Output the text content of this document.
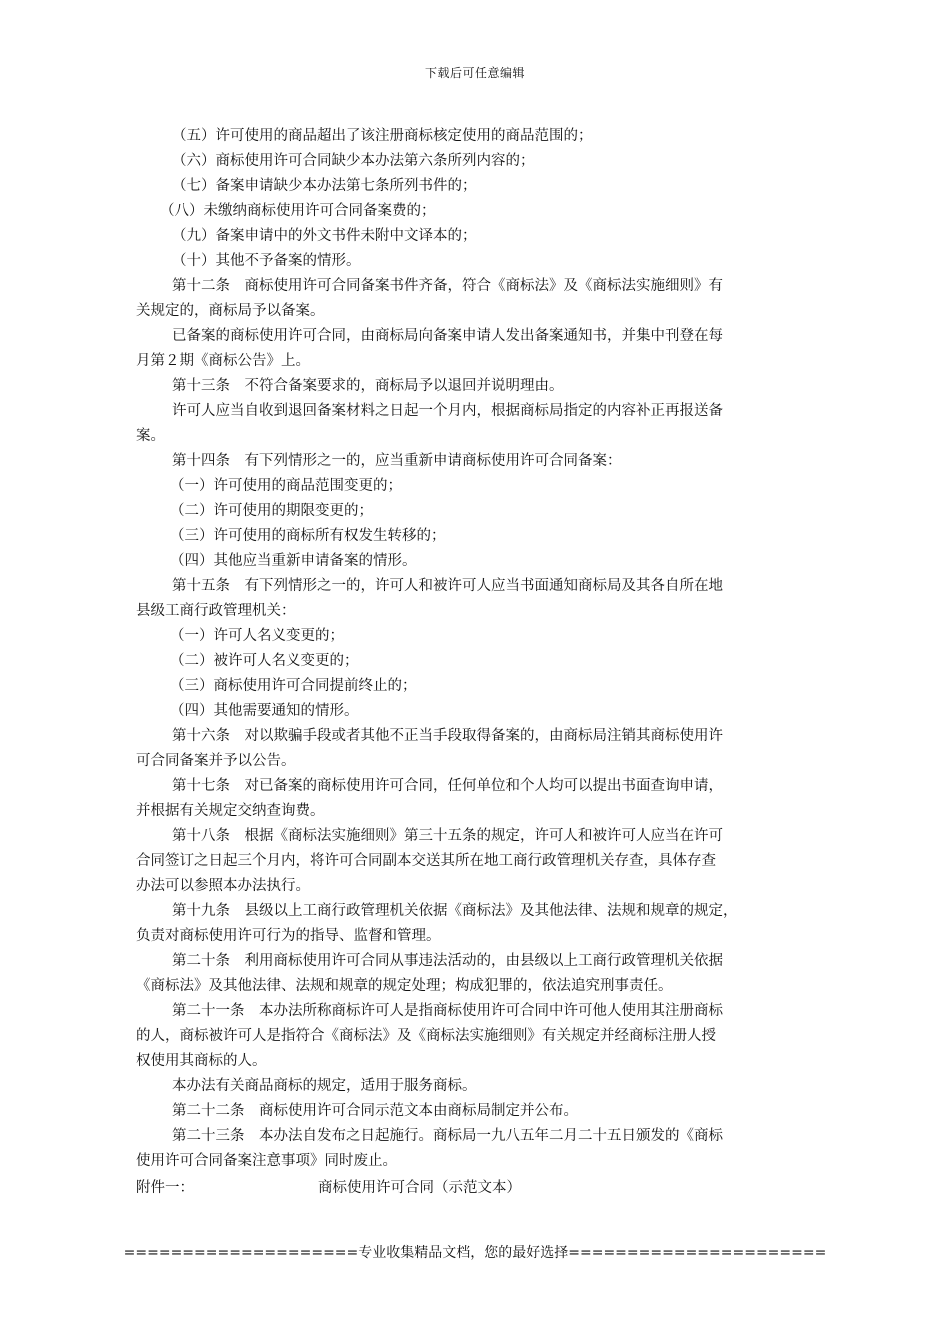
下载后可任意编辑
（五）许可使用的商品超出了该注册商标核定使用的商品范围的；
（六）商标使用许可合同缺少本办法第六条所列内容的；
（七）备案申请缺少本办法第七条所列书件的；
（八）未缴纳商标使用许可合同备案费的；
（九）备案申请中的外文书件未附中文译本的；
（十）其他不予备案的情形。
第十二条　商标使用许可合同备案书件齐备，符合《商标法》及《商标法实施细则》有
关规定的，商标局予以备案。
已备案的商标使用许可合同，由商标局向备案申请人发出备案通知书，并集中刊登在每
月第２期《商标公告》上。
第十三条　不符合备案要求的，商标局予以退回并说明理由。
许可人应当自收到退回备案材料之日起一个月内，根据商标局指定的内容补正再报送备
案。
第十四条　有下列情形之一的，应当重新申请商标使用许可合同备案：
（一）许可使用的商品范围变更的；
（二）许可使用的期限变更的；
（三）许可使用的商标所有权发生转移的；
（四）其他应当重新申请备案的情形。
第十五条　有下列情形之一的，许可人和被许可人应当书面通知商标局及其各自所在地
县级工商行政管理机关：
（一）许可人名义变更的；
（二）被许可人名义变更的；
（三）商标使用许可合同提前终止的；
（四）其他需要通知的情形。
第十六条　对以欺骗手段或者其他不正当手段取得备案的，由商标局注销其商标使用许
可合同备案并予以公告。
第十七条　对已备案的商标使用许可合同，任何单位和个人均可以提出书面查询申请，
并根据有关规定交纳查询费。
第十八条　根据《商标法实施细则》第三十五条的规定，许可人和被许可人应当在许可
合同签订之日起三个月内，将许可合同副本交送其所在地工商行政管理机关存查，具体存查
办法可以参照本办法执行。
第十九条　县级以上工商行政管理机关依据《商标法》及其他法律、法规和规章的规定，
负责对商标使用许可行为的指导、监督和管理。
第二十条　利用商标使用许可合同从事违法活动的，由县级以上工商行政管理机关依据
《商标法》及其他法律、法规和规章的规定处理；构成犯罪的，依法追究刑事责任。
第二十一条　本办法所称商标许可人是指商标使用许可合同中许可他人使用其注册商标
的人，商标被许可人是指符合《商标法》及《商标法实施细则》有关规定并经商标注册人授
权使用其商标的人。
本办法有关商品商标的规定，适用于服务商标。
第二十二条　商标使用许可合同示范文本由商标局制定并公布。
第二十三条　本办法自发布之日起施行。商标局一九八五年二月二十五日颁发的《商标
使用许可合同备案注意事项》同时废止。
附件一：	商标使用许可合同（示范文本）
====================专业收集精品文档，您的最好选择======================
